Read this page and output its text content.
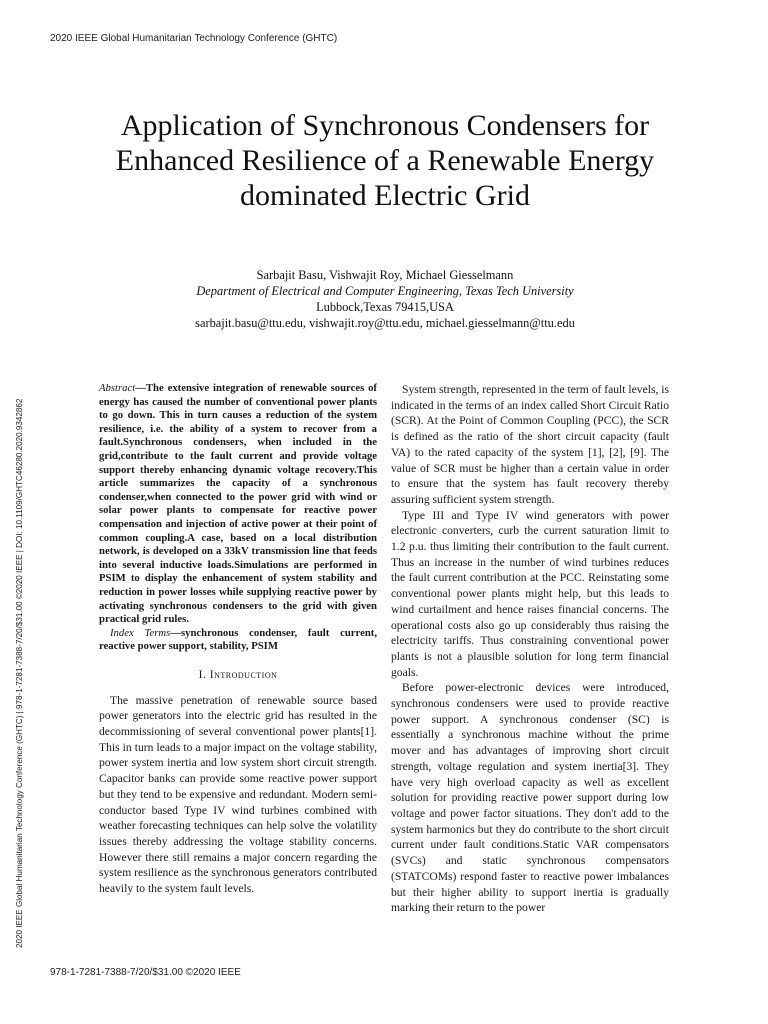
2020 IEEE Global Humanitarian Technology Conference (GHTC)
2020 IEEE Global Humanitarian Technology Conference (GHTC) | 978-1-7281-7388-7/20/$31.00 ©2020 IEEE | DOI: 10.1109/GHTC46280.2020.9342862
Application of Synchronous Condensers for Enhanced Resilience of a Renewable Energy dominated Electric Grid
Sarbajit Basu, Vishwajit Roy, Michael Giesselmann
Department of Electrical and Computer Engineering, Texas Tech University
Lubbock,Texas 79415,USA
sarbajit.basu@ttu.edu, vishwajit.roy@ttu.edu, michael.giesselmann@ttu.edu

Abstract—The extensive integration of renewable sources of energy has caused the number of conventional power plants to go down. This in turn causes a reduction of the system resilience, i.e. the ability of a system to recover from a fault.Synchronous condensers, when included in the grid,contribute to the fault current and provide voltage support thereby enhancing dynamic voltage recovery.This article summarizes the capacity of a synchronous condenser,when connected to the power grid with wind or solar power plants to compensate for reactive power compensation and injection of active power at their point of common coupling.A case, based on a local distribution network, is developed on a 33kV transmission line that feeds into several inductive loads.Simulations are performed in PSIM to display the enhancement of system stability and reduction in power losses while supplying reactive power by activating synchronous condensers to the grid with given practical grid rules.

Index Terms—synchronous condenser, fault current, reactive power support, stability, PSIM

I. Introduction

The massive penetration of renewable source based power generators into the electric grid has resulted in the decommissioning of several conventional power plants[1]. This in turn leads to a major impact on the voltage stability, power system inertia and low system short circuit strength. Capacitor banks can provide some reactive power support but they tend to be expensive and redundant. Modern semi-conductor based Type IV wind turbines combined with weather forecasting techniques can help solve the volatility issues thereby addressing the voltage stability concerns. However there still remains a major concern regarding the system resilience as the synchronous generators contributed heavily to the system fault levels.

System strength, represented in the term of fault levels, is indicated in the terms of an index called Short Circuit Ratio (SCR). At the Point of Common Coupling (PCC), the SCR is defined as the ratio of the short circuit capacity (fault VA) to the rated capacity of the system [1], [2], [9]. The value of SCR must be higher than a certain value in order to ensure that the system has fault recovery thereby assuring sufficient system strength.

Type III and Type IV wind generators with power electronic converters, curb the current saturation limit to 1.2 p.u. thus limiting their contribution to the fault current. Thus an increase in the number of wind turbines reduces the fault current contribution at the PCC. Reinstating some conventional power plants might help, but this leads to wind curtailment and hence raises financial concerns. The operational costs also go up considerably thus raising the electricity tariffs. Thus constraining conventional power plants is not a plausible solution for long term financial goals.

Before power-electronic devices were introduced, synchronous condensers were used to provide reactive power support. A synchronous condenser (SC) is essentially a synchronous machine without the prime mover and has advantages of improving short circuit strength, voltage regulation and system inertia[3]. They have very high overload capacity as well as excellent solution for providing reactive power support during low voltage and power factor situations. They don't add to the system harmonics but they do contribute to the short circuit current under fault conditions.Static VAR compensators (SVCs) and static synchronous compensators (STATCOMs) respond faster to reactive power imbalances but their higher ability to support inertia is gradually marking their return to the power

978-1-7281-7388-7/20/$31.00 ©2020 IEEE
